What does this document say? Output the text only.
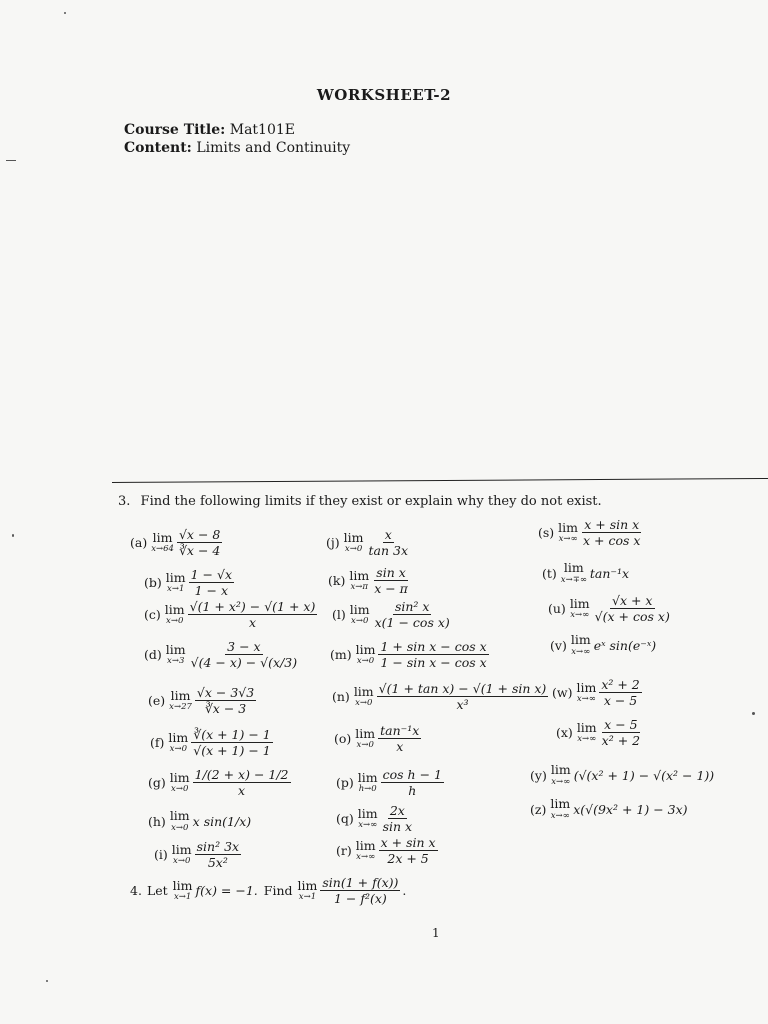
WORKSHEET-2
Course Title: Mat101E
Content: Limits and Continuity
3. Find the following limits if they exist or explain why they do not exist.
(a) lim
$x\to 64 \frac{√x - 8}{∛x - 4}$
(b) lim
$x\to 1 \frac{1 - √x}{1 - x}$
(c) lim
$x\to 0 \frac{\text{√(1 + x²) − √(1 + x)}}{x}$
(d) lim
$x\to 3 \frac{3 - x}{√(4 - x) - √(x/3)}$
(e) lim
$x\to 27 \frac{√x - 3√3}{∛x - 3}$
(f) lim
$x\to 0 \frac{∛(x + 1) - 1}{√(x + 1) - 1}$
(g) lim
$x\to 0 \frac{1/(2 + x) - 1/2}{x}$
(h) lim
x→0 x sin(1/x)
(i) lim
$x\to 0 \frac{\text{sin² 3x}}{\text{5x²}}$
(j) lim
$x\to 0 \frac{x}{\tan 3x}$
(k) lim
$x\to\pi \frac{\text{sin x}}{x - \pi}$
(l) lim
$x\to 0 \frac{\text{sin² x}}{\text{x(1 − cos x)}}$
(m) lim
$x\to 0 \frac{\text{1 + sin x − cos x}}{\text{1 − sin x − cos x}}$
(n) lim
$x\to 0 \frac{\text{√(1 + tan x) − √(1 + sin x)}}{\text{x³}}$
(o) lim
$x\to 0 \frac{\text{tan⁻¹x}}{x}$
(p) lim
$h\to 0 \frac{\text{cos h − 1}}{h}$
(q) lim
$x\to\infty \frac{2x}{\text{sin x}}$
(r) lim
$x\to\infty \frac{\text{x + sin x}}{2x + 5}$
(s) lim
$x\to\infty \frac{\text{x + sin x}}{\text{x + cos x}}$
(t) lim
x→∓∞ tan⁻¹x
(u) lim
$x\to\infty \frac{√x + x}{\text{√(x + cos x)}}$
(v) lim
x→∞ eˣ sin(e⁻ˣ)
(w) lim
$x\to\infty \frac{\text{x² + 2}}{x - 5}$
(x) lim
$x\to\infty \frac{x - 5}{\text{x² + 2}}$
(y) lim
x→∞ (√(x² + 1) − √(x² − 1))
(z) lim
x→∞ x(√(9x² + 1) − 3x)
4. Let lim
x→1 f(x) = −1. Find lim
$x\to 1 \frac{\sin(1 + f(x))}{\text{1 − f²(x)}}$ .
1
